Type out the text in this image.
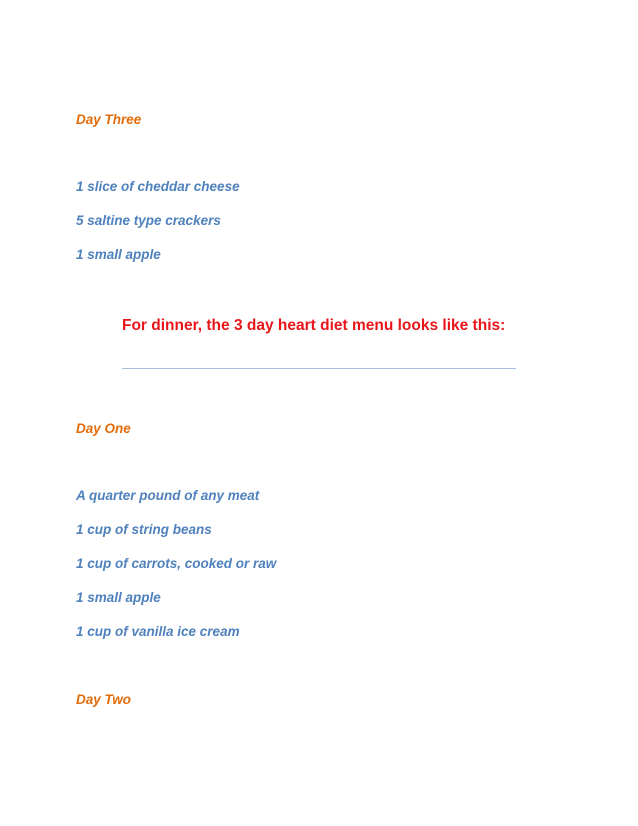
Day Three
1 slice of cheddar cheese
5 saltine type crackers
1 small apple
For dinner, the 3 day heart diet menu looks like this:
Day One
A quarter pound of any meat
1 cup of string beans
1 cup of carrots, cooked or raw
1 small apple
1 cup of vanilla ice cream
Day Two
